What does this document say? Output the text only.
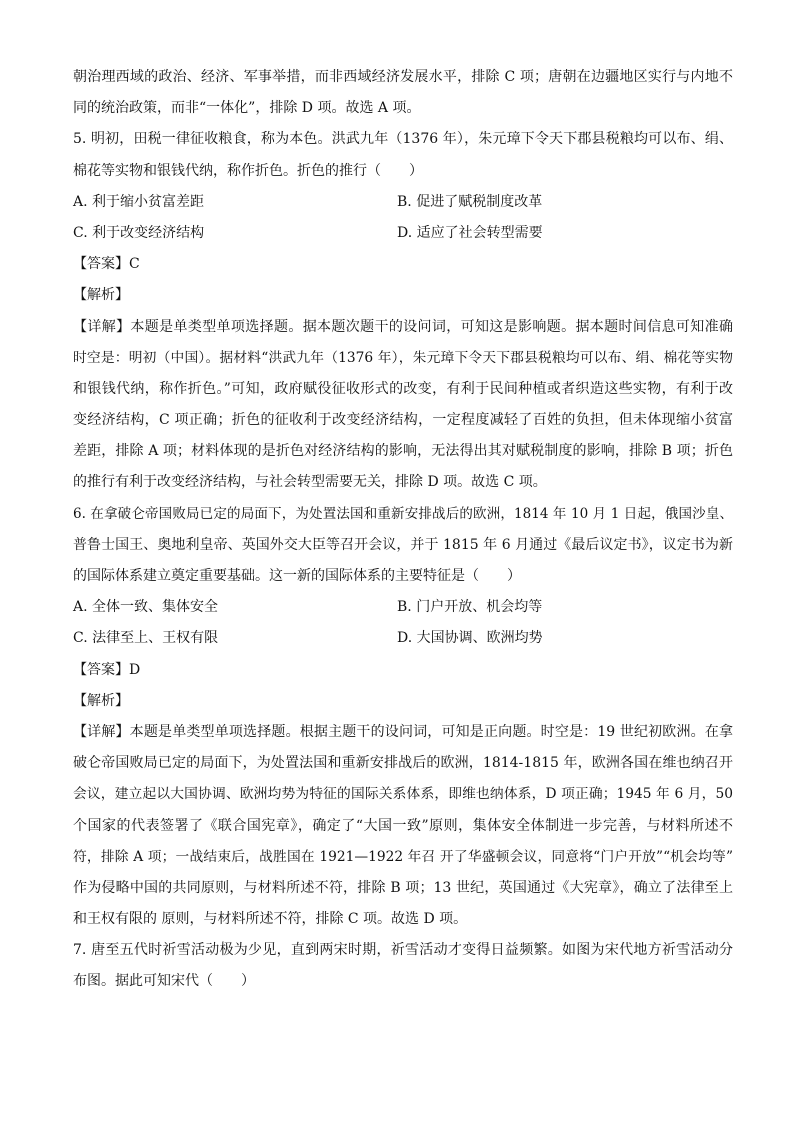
朝治理西域的政治、经济、军事举措，而非西域经济发展水平，排除 C 项；唐朝在边疆地区实行与内地不
同的统治政策，而非“一体化”，排除 D 项。故选 A 项。
5. 明初，田税一律征收粮食，称为本色。洪武九年（1376 年），朱元璋下令天下郡县税粮均可以布、绢、
棉花等实物和银钱代纳，称作折色。折色的推行（　　）
A. 利于缩小贫富差距	B. 促进了赋税制度改革
C. 利于改变经济结构	D. 适应了社会转型需要
【答案】C
【解析】
【详解】本题是单类型单项选择题。据本题次题干的设问词，可知这是影响题。据本题时间信息可知准确
时空是：明初（中国）。据材料“洪武九年（1376 年），朱元璋下令天下郡县税粮均可以布、绢、棉花等实物
和银钱代纳，称作折色。”可知，政府赋役征收形式的改变，有利于民间种植或者织造这些实物，有利于改
变经济结构，C 项正确；折色的征收利于改变经济结构，一定程度减轻了百姓的负担，但未体现缩小贫富
差距，排除 A 项；材料体现的是折色对经济结构的影响，无法得出其对赋税制度的影响，排除 B 项；折色
的推行有利于改变经济结构，与社会转型需要无关，排除 D 项。故选 C 项。
6. 在拿破仑帝国败局已定的局面下，为处置法国和重新安排战后的欧洲，1814 年 10 月 1 日起，俄国沙皇、
普鲁士国王、奥地利皇帝、英国外交大臣等召开会议，并于 1815 年 6 月通过《最后议定书》，议定书为新
的国际体系建立奠定重要基础。这一新的国际体系的主要特征是（　　）
A. 全体一致、集体安全	B. 门户开放、机会均等
C. 法律至上、王权有限	D. 大国协调、欧洲均势
【答案】D
【解析】
【详解】本题是单类型单项选择题。根据主题干的设问词，可知是正向题。时空是：19 世纪初欧洲。在拿
破仑帝国败局已定的局面下，为处置法国和重新安排战后的欧洲，1814-1815 年，欧洲各国在维也纳召开
会议，建立起以大国协调、欧洲均势为特征的国际关系体系，即维也纳体系，D 项正确；1945 年 6 月，50
个国家的代表签署了《联合国宪章》，确定了“大国一致”原则，集体安全体制进一步完善，与材料所述不
符，排除 A 项；一战结束后，战胜国在 1921—1922 年召 开了华盛顿会议，同意将“门户开放”“机会均等”
作为侵略中国的共同原则，与材料所述不符，排除 B 项；13 世纪，英国通过《大宪章》，确立了法律至上
和王权有限的 原则，与材料所述不符，排除 C 项。故选 D 项。
7. 唐至五代时祈雪活动极为少见，直到两宋时期，祈雪活动才变得日益频繁。如图为宋代地方祈雪活动分
布图。据此可知宋代（　　）
